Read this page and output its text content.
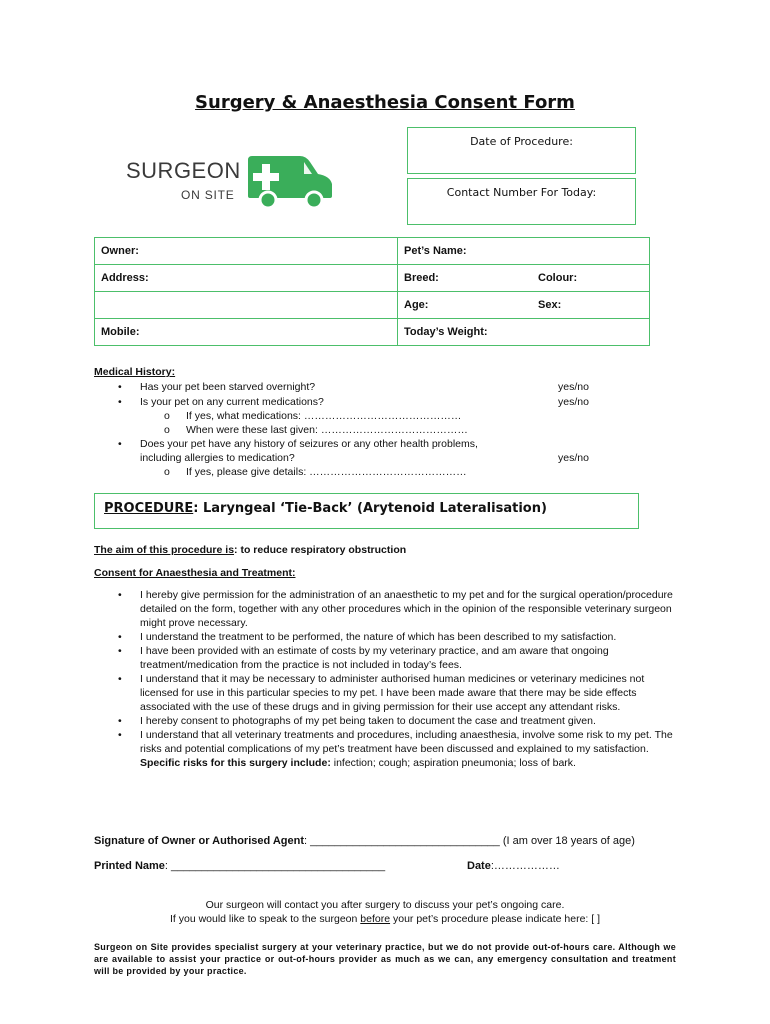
Surgery & Anaesthesia Consent Form
SURGEON
ON SITE
Date of Procedure:
Contact Number For Today:
Owner:	Pet’s Name:
Address:	Breed: Colour:
	Age: Sex:
Mobile:	Today’s Weight:
Medical History:
• Has your pet been starved overnight?	yes/no
• Is your pet on any current medications?	yes/no
o If yes, what medications: ………………………………………
o When were these last given: ……………………………………
• Does your pet have any history of seizures or any other health problems,
including allergies to medication?	yes/no
o If yes, please give details: ………………………………………
PROCEDURE: Laryngeal ‘Tie-Back’ (Arytenoid Lateralisation)
The aim of this procedure is: to reduce respiratory obstruction
Consent for Anaesthesia and Treatment:
•	I hereby give permission for the administration of an anaesthetic to my pet and for the surgical operation/procedure detailed on the form, together with any other procedures which in the opinion of the responsible veterinary surgeon might prove necessary.
•	I understand the treatment to be performed, the nature of which has been described to my satisfaction.
•	I have been provided with an estimate of costs by my veterinary practice, and am aware that ongoing treatment/medication from the practice is not included in today’s fees.
•	I understand that it may be necessary to administer authorised human medicines or veterinary medicines not licensed for use in this particular species to my pet. I have been made aware that there may be side effects associated with the use of these drugs and in giving permission for their use accept any attendant risks.
•	I hereby consent to photographs of my pet being taken to document the case and treatment given.
•	I understand that all veterinary treatments and procedures, including anaesthesia, involve some risk to my pet. The risks and potential complications of my pet’s treatment have been discussed and explained to my satisfaction. Specific risks for this surgery include: infection; cough; aspiration pneumonia; loss of bark.
Signature of Owner or Authorised Agent: _______________________________ (I am over 18 years of age)
Printed Name: ___________________________________	Date:………………
Our surgeon will contact you after surgery to discuss your pet’s ongoing care.
If you would like to speak to the surgeon before your pet’s procedure please indicate here: [ ]
Surgeon on Site provides specialist surgery at your veterinary practice, but we do not provide out-of-hours care. Although we are available to assist your practice or out-of-hours provider as much as we can, any emergency consultation and treatment will be provided by your practice.
